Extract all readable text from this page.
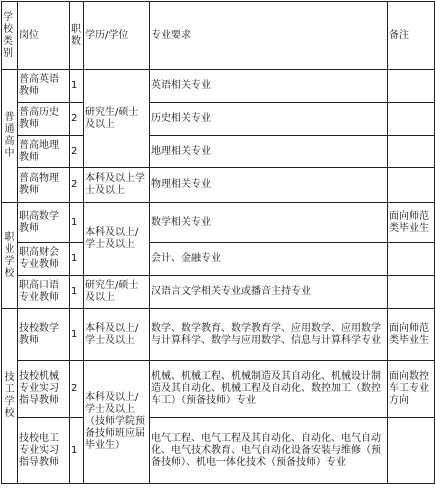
学校类别	岗位	职数	学历/学位	专业要求	备注
普通高中	普高英语教师	1	研究生/硕士及以上	英语相关专业	
	普高历史教师	2		历史相关专业	
	普高地理教师	2		地理相关专业	
	普高物理教师	2	本科及以上学士及以上	物理相关专业	
职业学校	职高数学教师	1	本科及以上/学士及以上	数学相关专业	面向师范类毕业生
	职高财会专业教师	1		会计、金融专业	
	职高口语专业教师	1	研究生/硕士及以上	汉语言文学相关专业或播音主持专业	
技工学校	技校数学教师	1	本科及以上/学士及以上	数学、数学教育、数学教育学、应用数学、应用数学与计算科学、数学与应用数学、信息与计算科学专业	面向师范类毕业生
	技校机械专业实习指导教师	2	本科及以上/学士及以上（技师学院预备技师班应届毕业生）	机械、机械工程、机械制造及其自动化、机械设计制造及其自动化、机械工程及自动化、数控加工（数控车工）（预备技师）专业	面向数控车工专业方向
	技校电工专业实习指导教师	1		电气工程、电气工程及其自动化、自动化、电气自动化、电气技术教育、电气自动化设备安装与维修（预备技师）、机电一体化技术（预备技师）专业	
